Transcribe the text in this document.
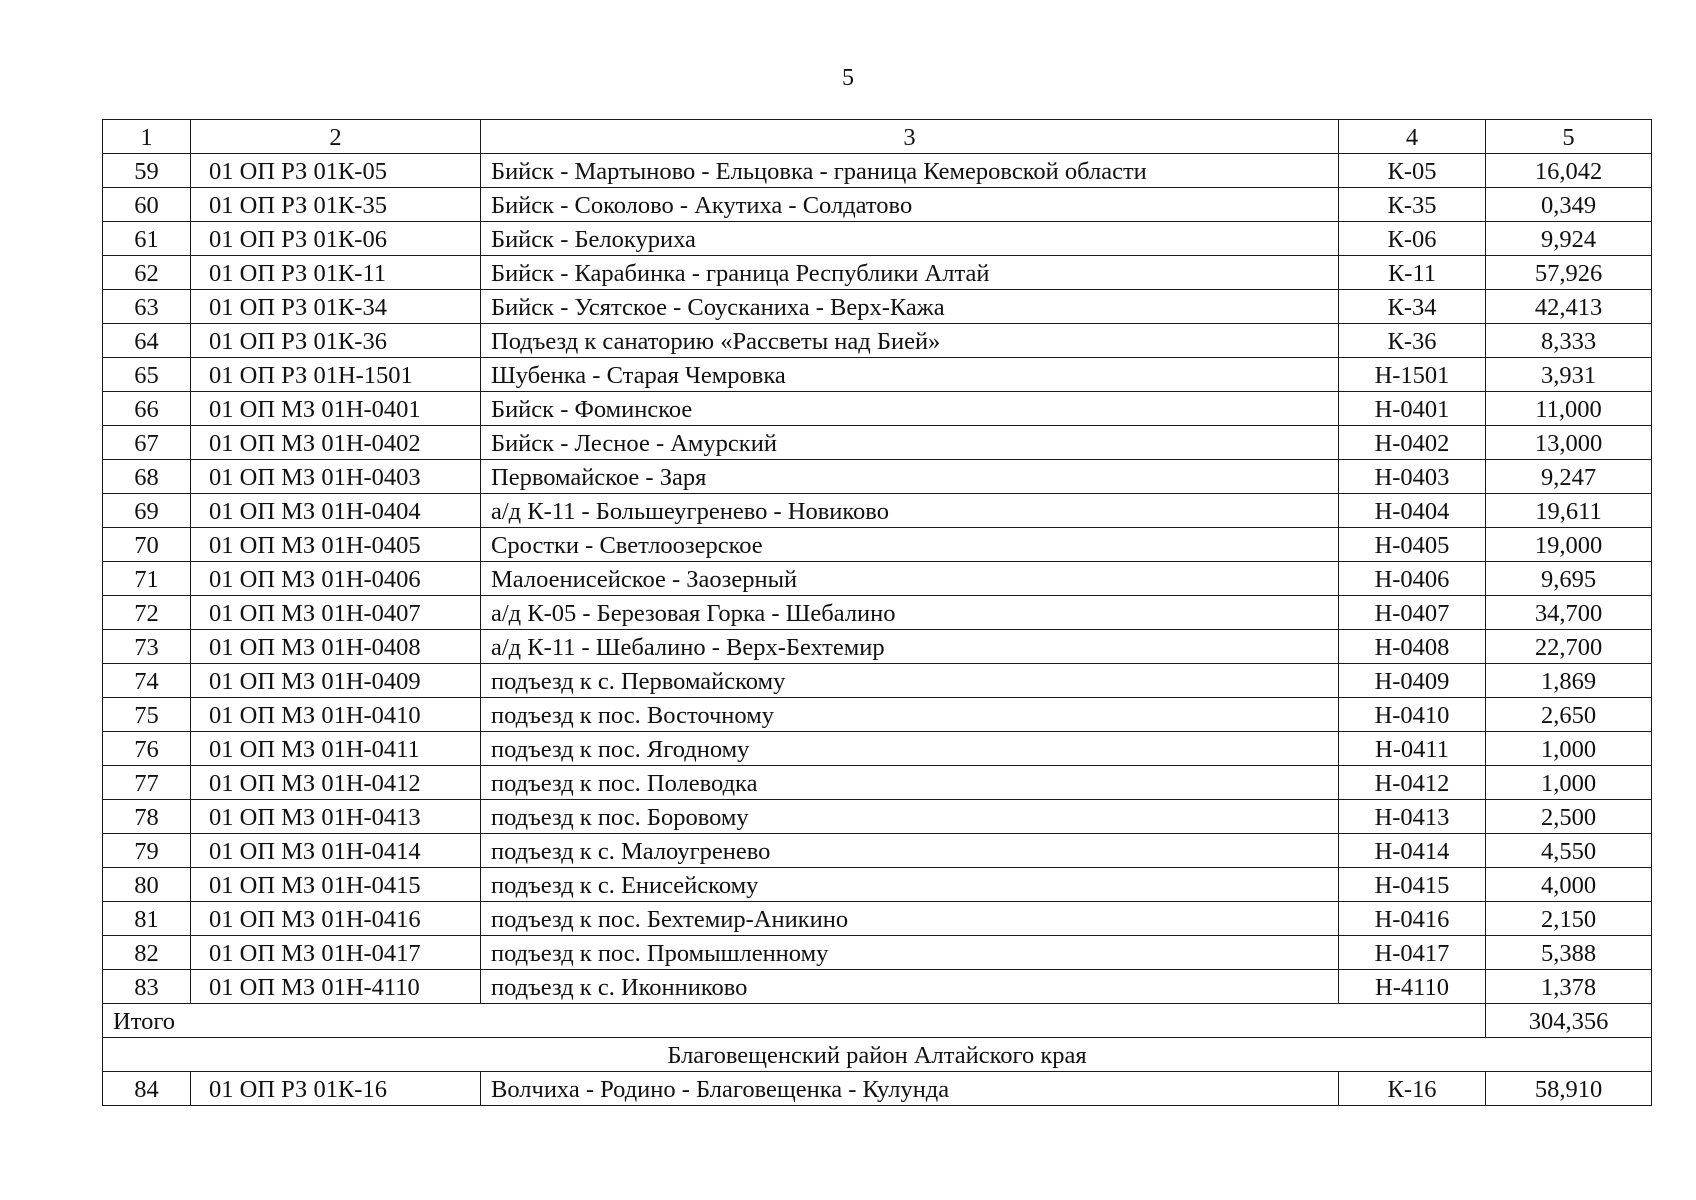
5
1	2	3	4	5
59	01 ОП РЗ 01К-05	Бийск - Мартыново - Ельцовка - граница Кемеровской области	К-05	16,042
60	01 ОП РЗ 01К-35	Бийск - Соколово - Акутиха - Солдатово	К-35	0,349
61	01 ОП РЗ 01К-06	Бийск - Белокуриха	К-06	9,924
62	01 ОП РЗ 01К-11	Бийск - Карабинка - граница Республики Алтай	К-11	57,926
63	01 ОП РЗ 01К-34	Бийск - Усятское - Соусканиха - Верх-Кажа	К-34	42,413
64	01 ОП РЗ 01К-36	Подъезд к санаторию «Рассветы над Бией»	К-36	8,333
65	01 ОП РЗ 01Н-1501	Шубенка - Старая Чемровка	Н-1501	3,931
66	01 ОП МЗ 01Н-0401	Бийск - Фоминское	Н-0401	11,000
67	01 ОП МЗ 01Н-0402	Бийск - Лесное - Амурский	Н-0402	13,000
68	01 ОП МЗ 01Н-0403	Первомайское - Заря	Н-0403	9,247
69	01 ОП МЗ 01Н-0404	а/д К-11 - Большеугренево - Новиково	Н-0404	19,611
70	01 ОП МЗ 01Н-0405	Сростки - Светлоозерское	Н-0405	19,000
71	01 ОП МЗ 01Н-0406	Малоенисейское - Заозерный	Н-0406	9,695
72	01 ОП МЗ 01Н-0407	а/д К-05 - Березовая Горка - Шебалино	Н-0407	34,700
73	01 ОП МЗ 01Н-0408	а/д К-11 - Шебалино - Верх-Бехтемир	Н-0408	22,700
74	01 ОП МЗ 01Н-0409	подъезд к с. Первомайскому	Н-0409	1,869
75	01 ОП МЗ 01Н-0410	подъезд к пос. Восточному	Н-0410	2,650
76	01 ОП МЗ 01Н-0411	подъезд к пос. Ягодному	Н-0411	1,000
77	01 ОП МЗ 01Н-0412	подъезд к пос. Полеводка	Н-0412	1,000
78	01 ОП МЗ 01Н-0413	подъезд к пос. Боровому	Н-0413	2,500
79	01 ОП МЗ 01Н-0414	подъезд к с. Малоугренево	Н-0414	4,550
80	01 ОП МЗ 01Н-0415	подъезд к с. Енисейскому	Н-0415	4,000
81	01 ОП МЗ 01Н-0416	подъезд к пос. Бехтемир-Аникино	Н-0416	2,150
82	01 ОП МЗ 01Н-0417	подъезд к пос. Промышленному	Н-0417	5,388
83	01 ОП МЗ 01Н-4110	подъезд к с. Иконниково	Н-4110	1,378
Итого				304,356
Благовещенский район Алтайского края				
84	01 ОП РЗ 01К-16	Волчиха - Родино - Благовещенка - Кулунда	К-16	58,910
